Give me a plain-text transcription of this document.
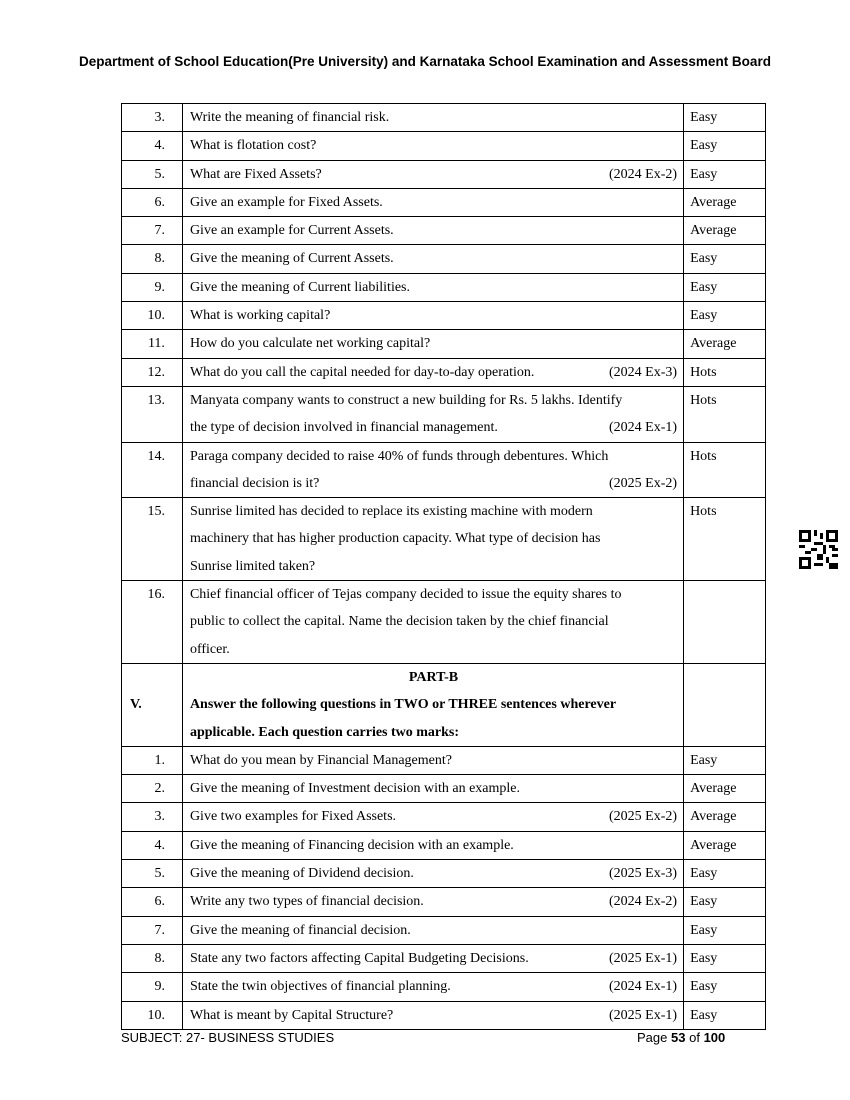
Department of School Education(Pre University) and Karnataka School Examination and Assessment Board
3.	Write the meaning of financial risk.	Easy
4.	What is flotation cost?	Easy
5.	What are Fixed Assets? (2024 Ex-2)	Easy
6.	Give an example for Fixed Assets.	Average
7.	Give an example for Current Assets.	Average
8.	Give the meaning of Current Assets.	Easy
9.	Give the meaning of Current liabilities.	Easy
10.	What is working capital?	Easy
11.	How do you calculate net working capital?	Average
12.	What do you call the capital needed for day-to-day operation. (2024 Ex-3)	Hots
13.	Manyata company wants to construct a new building for Rs. 5 lakhs. Identify
the type of decision involved in financial management. (2024 Ex-1)	Hots
14.	Paraga company decided to raise 40% of funds through debentures. Which
financial decision is it? (2025 Ex-2)	Hots
15.	Sunrise limited has decided to replace its existing machine with modern
machinery that has higher production capacity. What type of decision has
Sunrise limited taken?	Hots
16.	Chief financial officer of Tejas company decided to issue the equity shares to
public to collect the capital. Name the decision taken by the chief financial
officer.	

V.	PART-B
Answer the following questions in TWO or THREE sentences wherever applicable. Each question carries two marks:	

1.	What do you mean by Financial Management?	Easy
2.	Give the meaning of Investment decision with an example.	Average
3.	Give two examples for Fixed Assets. (2025 Ex-2)	Average
4.	Give the meaning of Financing decision with an example.	Average
5.	Give the meaning of Dividend decision. (2025 Ex-3)	Easy
6.	Write any two types of financial decision. (2024 Ex-2)	Easy
7.	Give the meaning of financial decision.	Easy
8.	State any two factors affecting Capital Budgeting Decisions. (2025 Ex-1)	Easy
9.	State the twin objectives of financial planning. (2024 Ex-1)	Easy
10.	What is meant by Capital Structure? (2025 Ex-1)	Easy
SUBJECT: 27- BUSINESS STUDIES	Page 53 of 100
